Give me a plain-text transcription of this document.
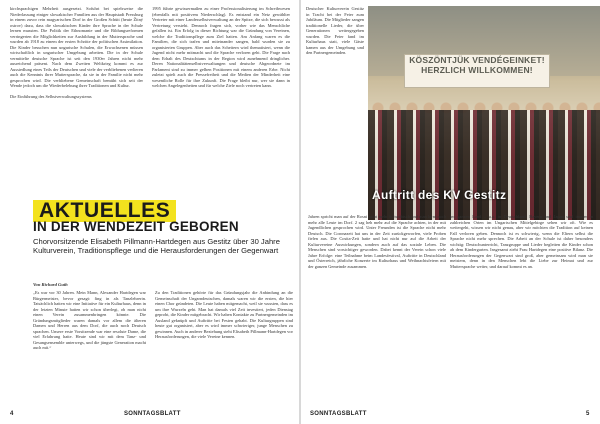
kirchsprachigen Mehrheit ausgesetzt. Sofuhrt bei spielsweise die Niederlassung einiger slowakischer Familien aus der Hauptstadt Pressburg in einem zuvor rein magyarischen Dorf in der Großen Schütt (heute Žitný ostrov) dazu, dass die slowakischen Kinder ihre Sprache in der Schule lernen mussten. Die Politik der Ethnomanie und die Bildungsreformen verringerten die Möglichkeiten zur Ausbildung in der Muttersprache und wurden ab 1918 zu einem der ersten Schritte der politischen Assimilation. Die Kinder besuchen nun ungarische Schulen, die Erwachsenen müssen wirtschaftlich in ungarischer Umgebung arbeiten. Die in der Schule vermittelte deutsche Sprache ist seit den 1930er Jahren nicht mehr ausreichend präsent. Nach dem Zweiten Weltkrieg kommt es zur Aussiedlung eines Teils der Deutschen und viele der verbliebenen verlieren auch die Kenntnis ihrer Muttersprache, da sie in der Familie nicht mehr gesprochen wird. Die verbliebene Gemeinschaft bemüht sich seit der Wende jedoch um die Wiederbelebung ihrer Traditionen und Kultur.

Die Einführung des Selbstverwaltungssystems
1995 führte gewissermaßen zu einer Professionalisierung im Schreibwesen (ebenfalls mit positivem Niederschlag). Es entstand ein Netz gewählter Vertreter mit einer Landesselbstverwaltung an der Spitze, die sich bewusst als Vertretung versteht. Dennoch fragen sich, vorher wie das Menschliche gefallen ist. Ein Erfolg in dieser Richtung war die Gründung von Vereinen, welche die Traditionspflege zum Ziel hatten. Am Anfang waren es die Familien, die sich trafen und miteinander sangen, bald wurden sie zu organisierten Gruppen. Aber auch das Scheitern wird thematisiert, wenn die Jugend nicht mehr mitmacht und die Sprache verloren geht. Die Frage nach dem Erhalt des Deutschtums in der Region wird zunehmend dringlicher. Deren Nationalitätenselbstverwaltungen und deutsche Abgeordnete im Parlament sind zu immer gelben Positionen mit einem anderen Erbe. Nicht zuletzt spielt auch die Pressefreiheit und die Medien der Minderheit eine wesentliche Rolle für ihre Zukunft. Die Frage bleibt nur, wer sie dann in welchen Angelegenheiten und für welche Ziele noch vertreten kann.
AKTUELLES
IN DER WENDEZEIT GEBOREN
Chorvorsitzende Elisabeth Pillmann-Hartdegen aus Gestitz über 30 Jahre Kulturverein, Traditionspflege und die Herausforderungen der Gegenwart
Von Richard Guth
„Es war vor 30 Jahren. Mein Mann, Alexander Hartdegen war Bürgermeister, bevor gesagt: fing in als Tanzlehrerin. Tatsächlich hatten wir eine Initiative für ein Kulturhaus, denn in der letzten Minute hatten wir schon überlegt, ob man nicht einen Verein zusammenbringen könnte. Die Gründungsmitglieder waren damals vor allem die älteren Damen und Herren aus dem Dorf, die auch noch Deutsch sprachen. Unsere erste Vorsitzende war eine resolute Dame, die viel Erfahrung hatte. Heute sind wir mit dem Tanz- und Gesangsensemble unterwegs, und die jüngste Generation macht auch mit.“
Zu den Traditionen gehörte für das Gründungsjahr die Anbindung an die Gemeinschaft der Ungarndeutschen, damals waren wir die ersten, die hier einen Chor gründeten. Die Leute haben mitgemacht, weil sie wussten, dass es um ihre Wurzeln geht. Man hat damals viel Zeit investiert, jeden Dienstag geprobt, die Kinder mitgebracht. Wir haben Kontakte zu Partnergemeinden im Ausland geknüpft und Auftritte bei Festen gehabt. Die Kulturgruppen sind heute gut organisiert, aber es wird immer schwieriger, junge Menschen zu gewinnen. Auch in anderer Beziehung steht Elisabeth Pillmann-Hartdegen vor Herausforderungen, die viele Vereine kennen.
Deutscher Kulturverein Gestitz in Tracht bei der Feier zum Jubiläum. Die Mitglieder sangen traditionelle Lieder, die über Generationen weitergegeben wurden. Die Feier fand im Kulturhaus statt, viele Gäste kamen aus der Umgebung und den Partnergemeinden.
KÖSZÖNTJÜK VENDÉGEINKET!
HERZLICH WILLKOMMEN!
Auftritt des KV Gestitz
Jahren spricht man auf der Rosni nicht mehr Schwäbisch und man lernt noch mehr alle Leute im Dorf. 2 sag heh mehr auf die Sprache achten, in der mit Jugendlichen gesprochen wird. Unter Freunden ist die Sprache nicht mehr Deutsch. Die Coronazeit hat uns in der Zeit zurückgeworfen, viele Proben fielen aus. Die Cosita-Zeit hatte und hat nicht nur auf die Arbeit der Kulturvereine Auswirkungen, sondern auch auf das soziale Leben. Die Menschen sind vorsichtiger geworden. Dabei kennt der Verein schon viele Jahre Erfolge: eine Teilnahme beim Landesfestival, Auftritte in Deutschland und Österreich, jährliche Konzerte im Kulturhaus und Weihnachtsfeiern mit der ganzen Gemeinde zusammen.
im ganzen Land – u.a. in Deutschland, Bayern und Japan und immer in zahlreichen Orten im Ungarischen Mittelgebirge sehen wir oft. Wie es weitergeht, wissen wir nicht genau, aber wir möchten die Tradition auf keinen Fall verloren geben. Dennoch ist es schwierig, wenn die Eltern selbst die Sprache nicht mehr sprechen. Die Arbeit an der Schule ist daher besonders wichtig: Deutschunterricht, Tanzgruppe und Lieder begleiten die Kinder schon ab dem Kindergarten. Insgesamt zieht Frau Hartdegen eine positive Bilanz. Die Herausforderungen der Gegenwart sind groß, aber gemeinsam wird man sie meistern, denn in den Menschen lebt die Liebe zur Heimat und zur Muttersprache weiter, und darauf kommt es an.
4	SONNTAGSBLATT	SONNTAGSBLATT	5
